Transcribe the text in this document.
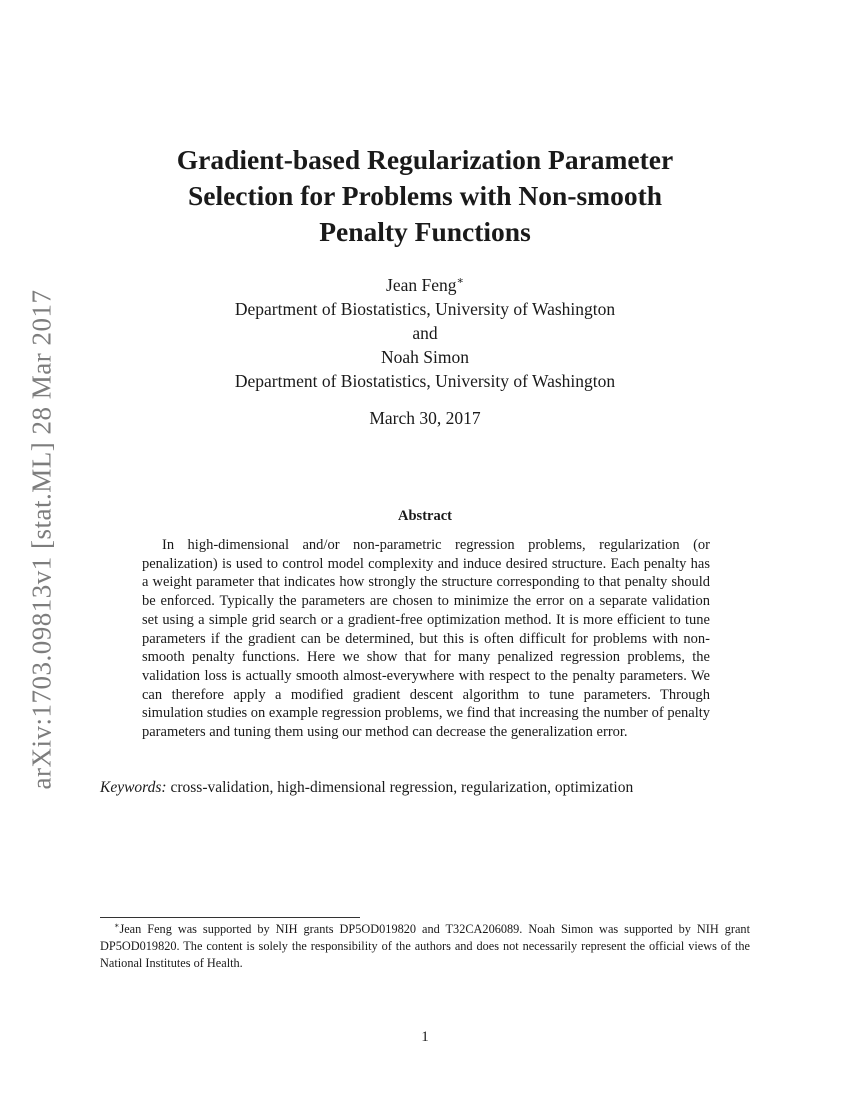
arXiv:1703.09813v1 [stat.ML] 28 Mar 2017
Gradient-based Regularization Parameter
Selection for Problems with Non-smooth
Penalty Functions
Jean Feng∗
Department of Biostatistics, University of Washington
and
Noah Simon
Department of Biostatistics, University of Washington
March 30, 2017
Abstract
In high-dimensional and/or non-parametric regression problems, regularization (or penalization) is used to control model complexity and induce desired structure. Each penalty has a weight parameter that indicates how strongly the structure corresponding to that penalty should be enforced. Typically the parameters are chosen to minimize the error on a separate validation set using a simple grid search or a gradient-free optimization method. It is more efficient to tune parameters if the gradient can be determined, but this is often difficult for problems with non-smooth penalty functions. Here we show that for many penalized regression problems, the validation loss is actually smooth almost-everywhere with respect to the penalty parameters. We can therefore apply a modified gradient descent algorithm to tune parameters. Through simulation studies on example regression problems, we find that increasing the number of penalty parameters and tuning them using our method can decrease the generalization error.
Keywords: cross-validation, high-dimensional regression, regularization, optimization
∗Jean Feng was supported by NIH grants DP5OD019820 and T32CA206089. Noah Simon was supported by NIH grant DP5OD019820. The content is solely the responsibility of the authors and does not necessarily represent the official views of the National Institutes of Health.
1
